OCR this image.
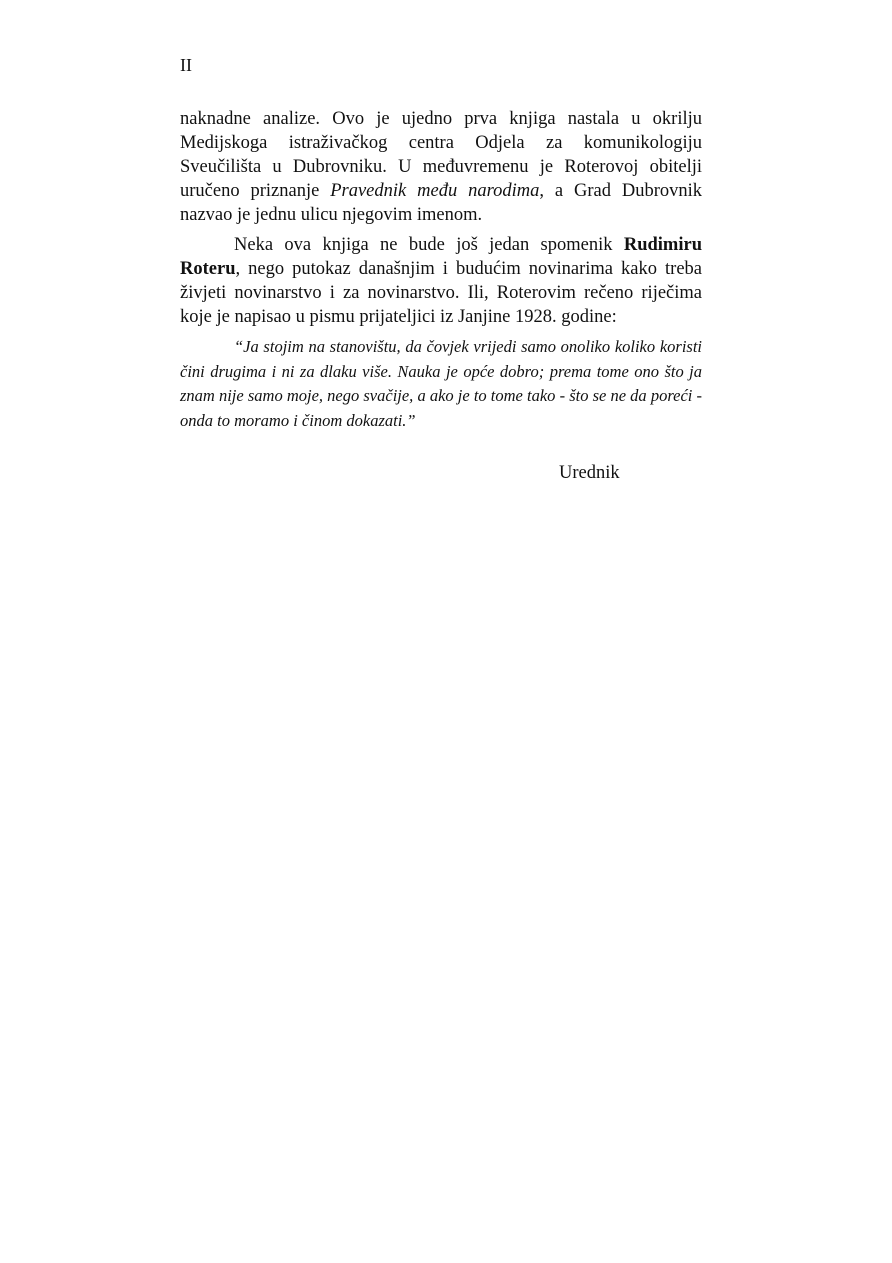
II

naknadne analize. Ovo je ujedno prva knjiga nastala u okrilju Medijskoga istraživačkog centra Odjela za komunikologiju Sveučilišta u Dubrovniku. U međuvremenu je Roterovoj obitelji uručeno priznanje Pravednik među narodima, a Grad Dubrovnik nazvao je jednu ulicu njegovim imenom.

Neka ova knjiga ne bude još jedan spomenik Rudimiru Roteru, nego putokaz današnjim i budućim novinarima kako treba živjeti novinarstvo i za novinarstvo. Ili, Roterovim rečeno riječima koje je napisao u pismu prijateljici iz Janjine 1928. godine:

“Ja stojim na stanovištu, da čovjek vrijedi samo onoliko koliko koristi čini drugima i ni za dlaku više. Nauka je opće dobro; prema tome ono što ja znam nije samo moje, nego svačije, a ako je to tome tako - što se ne da poreći - onda to moramo i činom dokazati.”

Urednik
